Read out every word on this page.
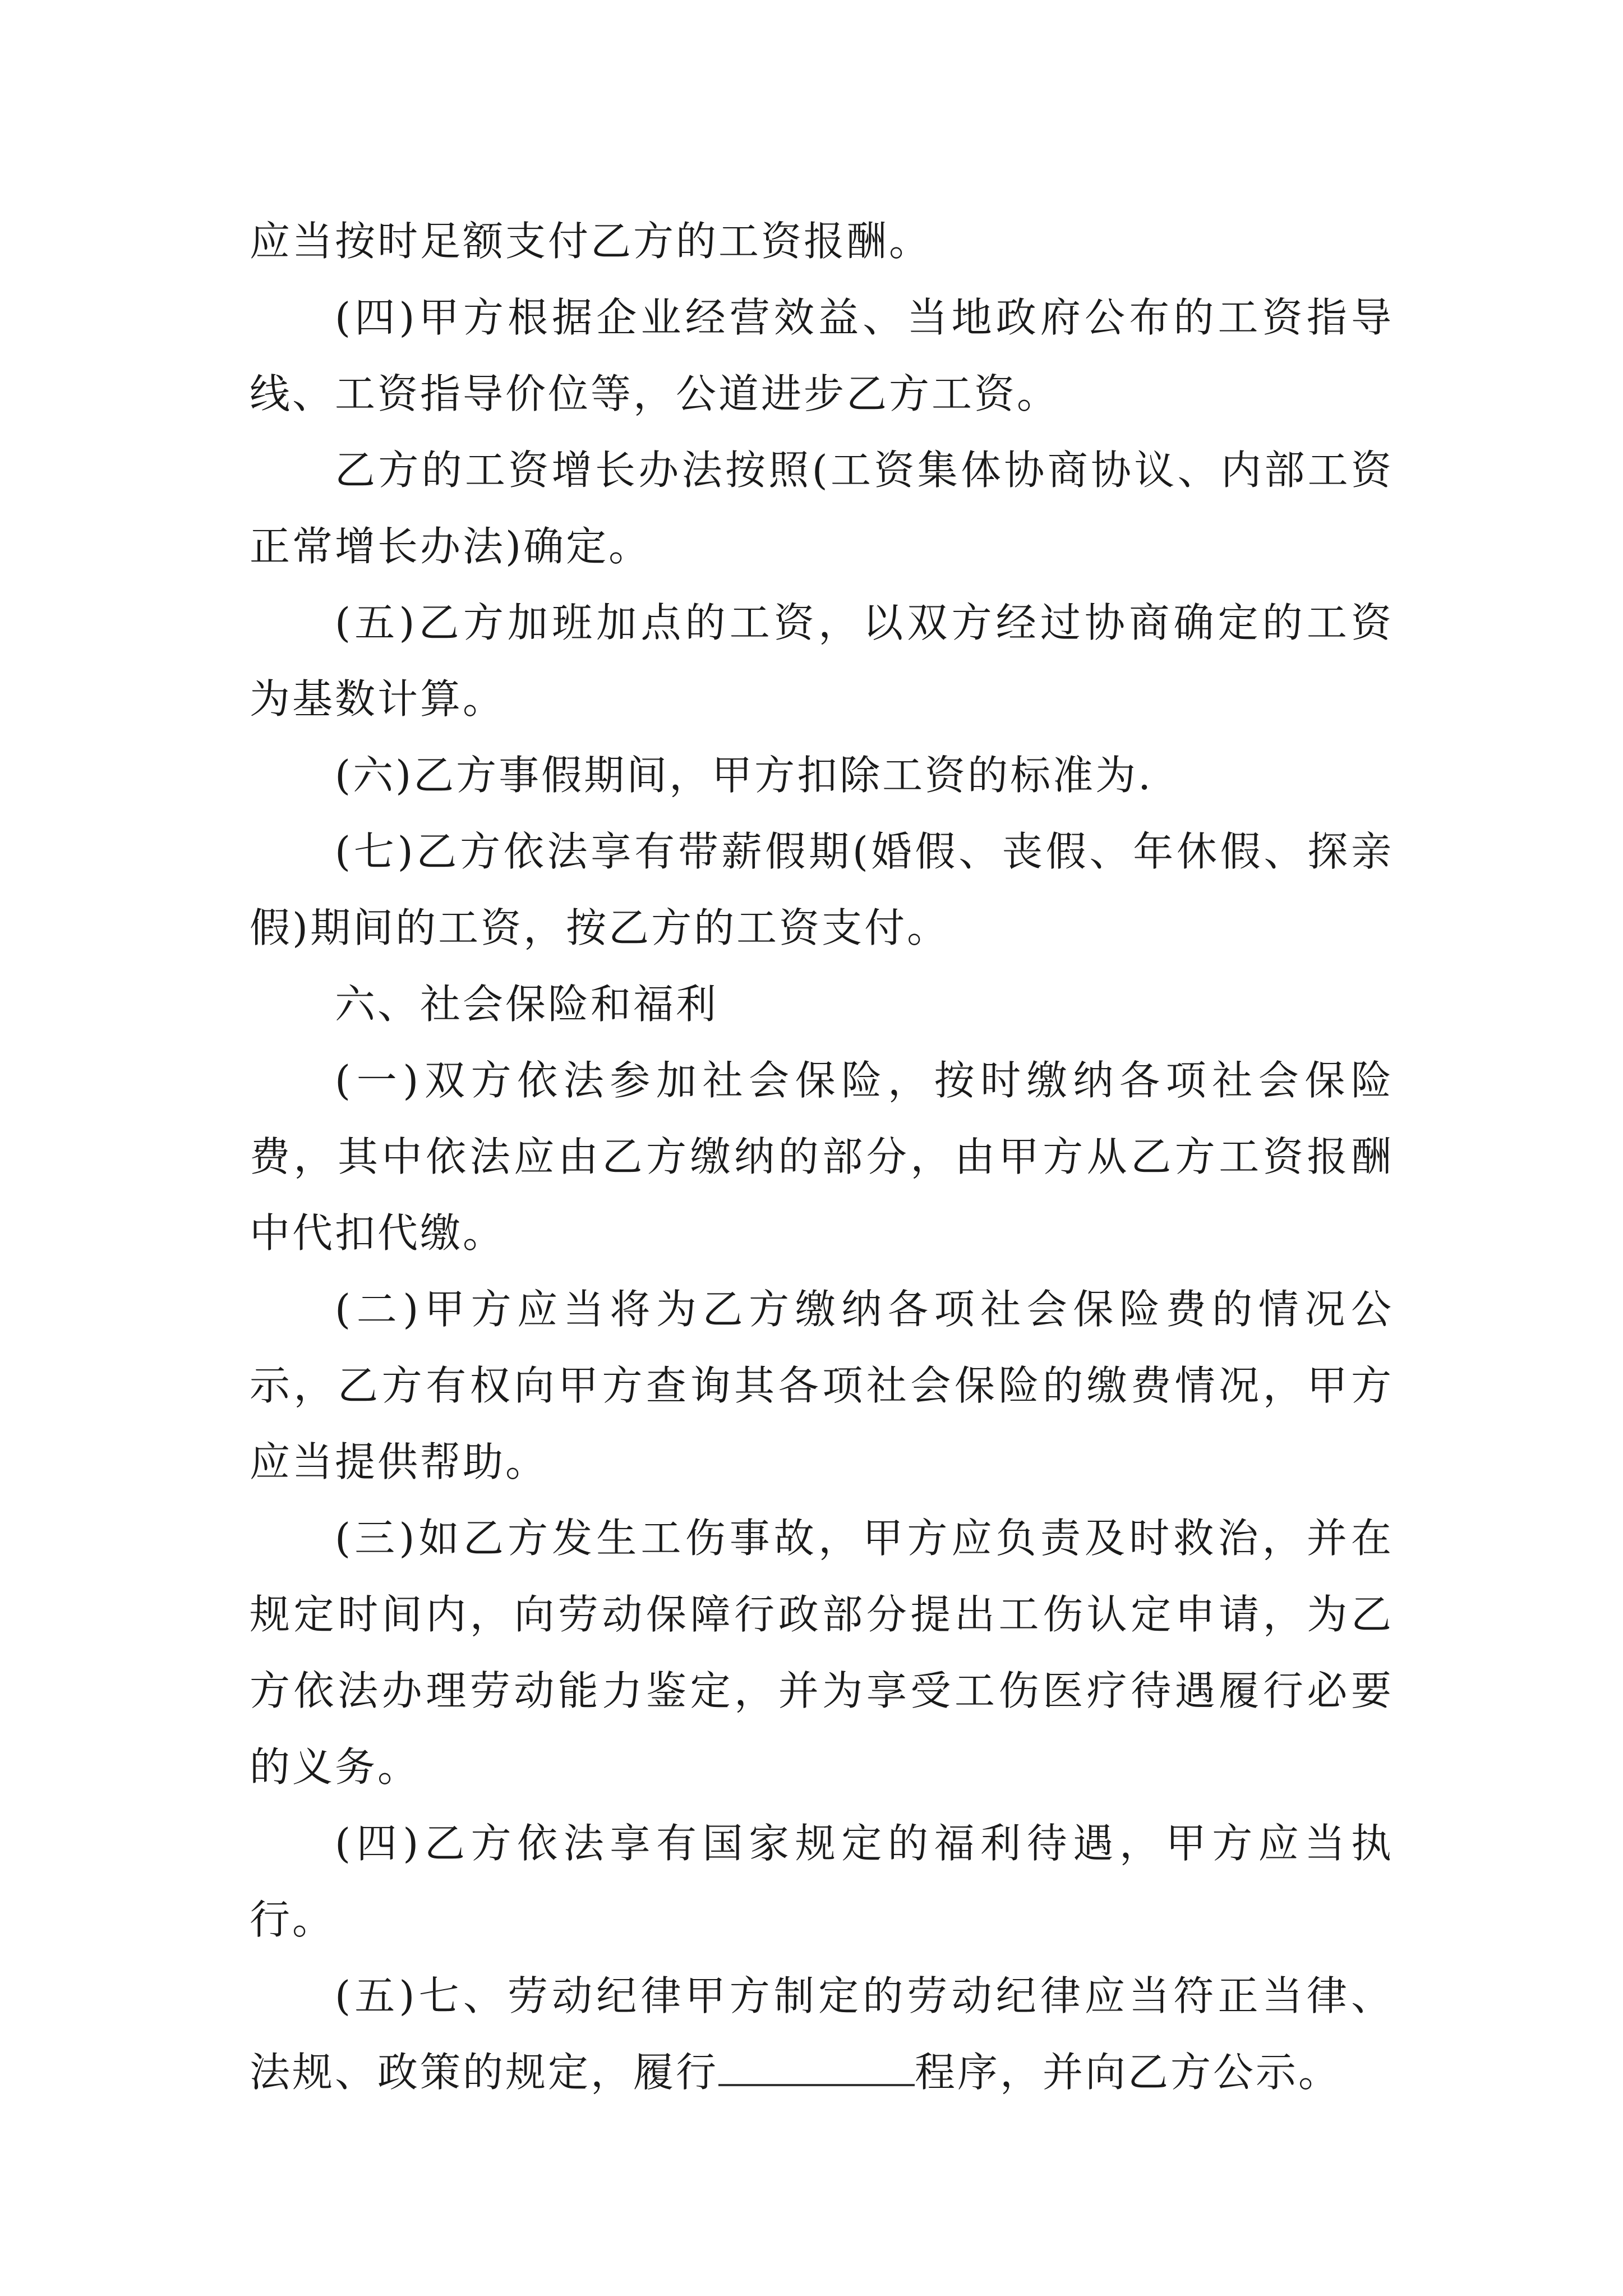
应当按时足额支付乙方的工资报酬。

(四)甲方根据企业经营效益、当地政府公布的工资指导线、工资指导价位等，公道进步乙方工资。

乙方的工资增长办法按照(工资集体协商协议、内部工资正常增长办法)确定。

(五)乙方加班加点的工资，以双方经过协商确定的工资为基数计算。

(六)乙方事假期间，甲方扣除工资的标准为.

(七)乙方依法享有带薪假期(婚假、丧假、年休假、探亲假)期间的工资，按乙方的工资支付。

六、社会保险和福利

(一)双方依法参加社会保险，按时缴纳各项社会保险费，其中依法应由乙方缴纳的部分，由甲方从乙方工资报酬中代扣代缴。

(二)甲方应当将为乙方缴纳各项社会保险费的情况公示，乙方有权向甲方查询其各项社会保险的缴费情况，甲方应当提供帮助。

(三)如乙方发生工伤事故，甲方应负责及时救治，并在规定时间内，向劳动保障行政部分提出工伤认定申请，为乙方依法办理劳动能力鉴定，并为享受工伤医疗待遇履行必要的义务。

(四)乙方依法享有国家规定的福利待遇，甲方应当执行。

(五)七、劳动纪律甲方制定的劳动纪律应当符正当律、法规、政策的规定，履行	程序，并向乙方公示。
